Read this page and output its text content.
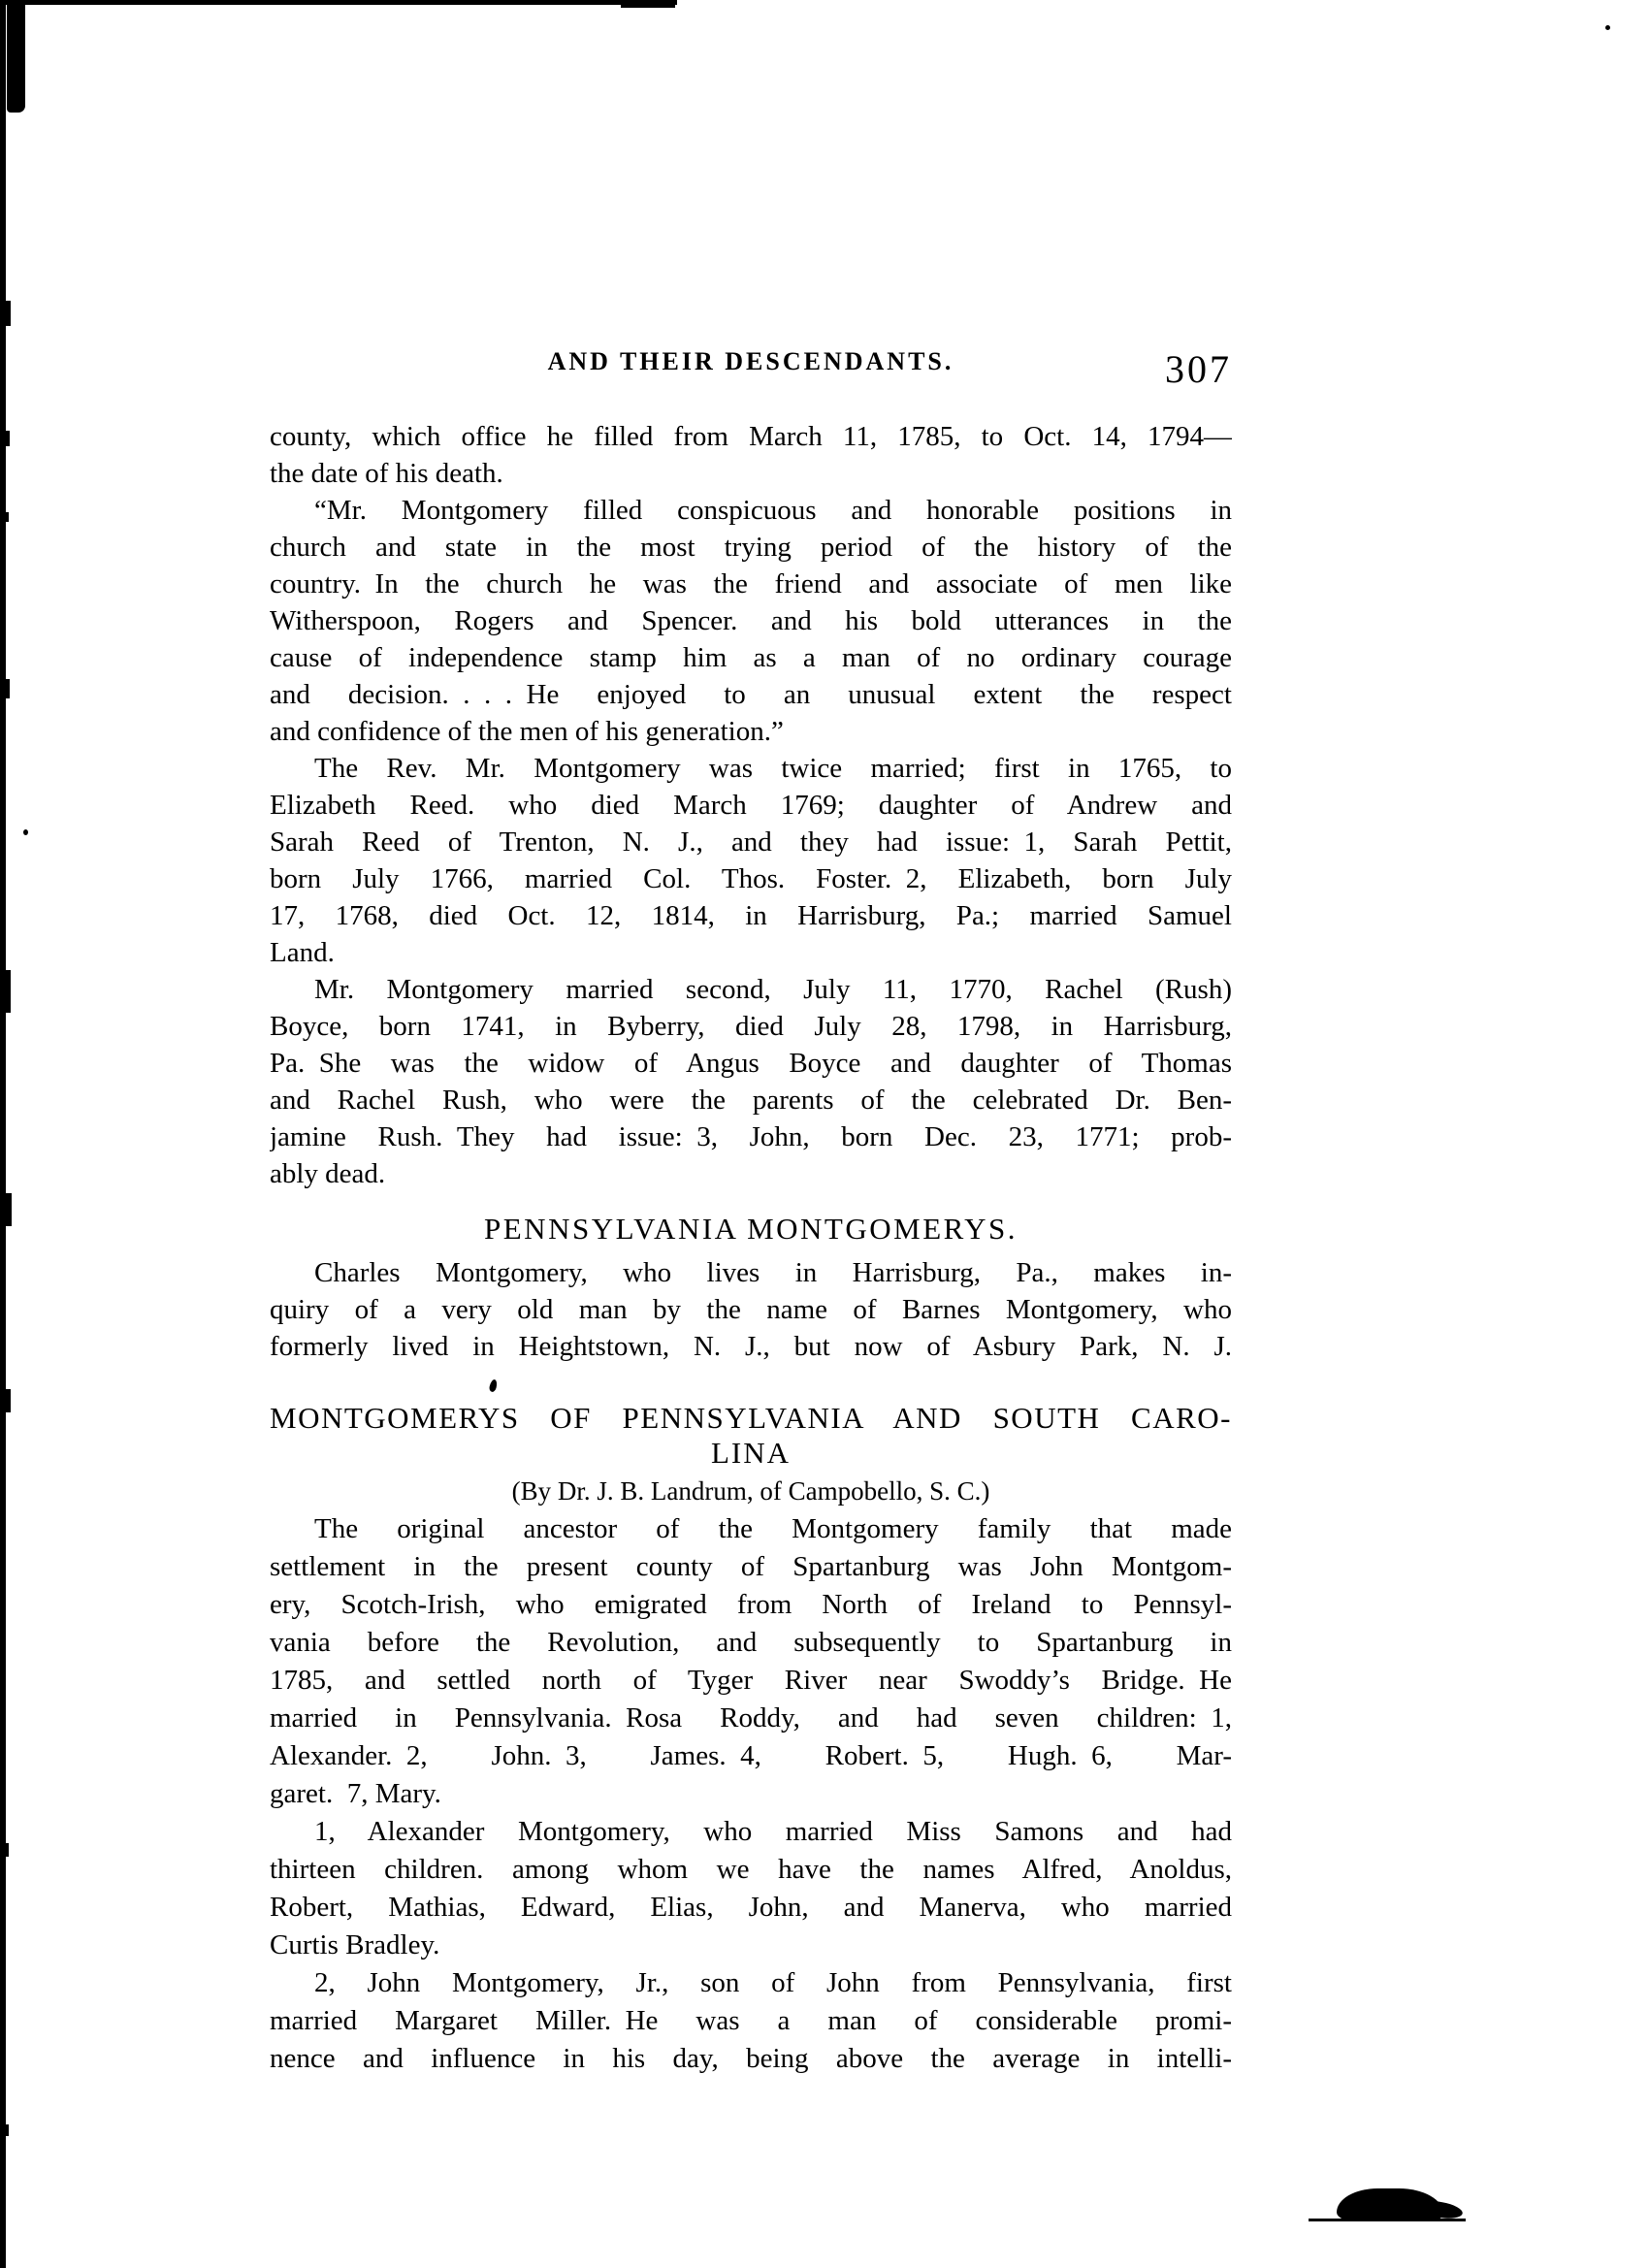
AND THEIR DESCENDANTS.	307
county, which office he filled from March 11, 1785, to Oct. 14, 1794—
the date of his death.
“Mr. Montgomery filled conspicuous and honorable positions in
church and state in the most trying period of the history of the
country. In the church he was the friend and associate of men like
Witherspoon, Rogers and Spencer. and his bold utterances in the
cause of independence stamp him as a man of no ordinary courage
and decision. . . . He enjoyed to an unusual extent the respect
and confidence of the men of his generation.”
The Rev. Mr. Montgomery was twice married; first in 1765, to
Elizabeth Reed. who died March 1769; daughter of Andrew and
Sarah Reed of Trenton, N. J., and they had issue: 1, Sarah Pettit,
born July 1766, married Col. Thos. Foster. 2, Elizabeth, born July
17, 1768, died Oct. 12, 1814, in Harrisburg, Pa.; married Samuel
Land.
Mr. Montgomery married second, July 11, 1770, Rachel (Rush)
Boyce, born 1741, in Byberry, died July 28, 1798, in Harrisburg,
Pa. She was the widow of Angus Boyce and daughter of Thomas
and Rachel Rush, who were the parents of the celebrated Dr. Ben-
jamine Rush. They had issue: 3, John, born Dec. 23, 1771; prob-
ably dead.
PENNSYLVANIA MONTGOMERYS.
Charles Montgomery, who lives in Harrisburg, Pa., makes in-
quiry of a very old man by the name of Barnes Montgomery, who
formerly lived in Heightstown, N. J., but now of Asbury Park, N. J.
MONTGOMERYS OF PENNSYLVANIA AND SOUTH CARO-
LINA
(By Dr. J. B. Landrum, of Campobello, S. C.)
The original ancestor of the Montgomery family that made
settlement in the present county of Spartanburg was John Montgom-
ery, Scotch-Irish, who emigrated from North of Ireland to Pennsyl-
vania before the Revolution, and subsequently to Spartanburg in
1785, and settled north of Tyger River near Swoddy’s Bridge. He
married in Pennsylvania. Rosa Roddy, and had seven children: 1,
Alexander. 2, John. 3, James. 4, Robert. 5, Hugh. 6, Mar-
garet. 7, Mary.
1, Alexander Montgomery, who married Miss Samons and had
thirteen children. among whom we have the names Alfred, Anoldus,
Robert, Mathias, Edward, Elias, John, and Manerva, who married
Curtis Bradley.
2, John Montgomery, Jr., son of John from Pennsylvania, first
married Margaret Miller. He was a man of considerable promi-
nence and influence in his day, being above the average in intelli-
